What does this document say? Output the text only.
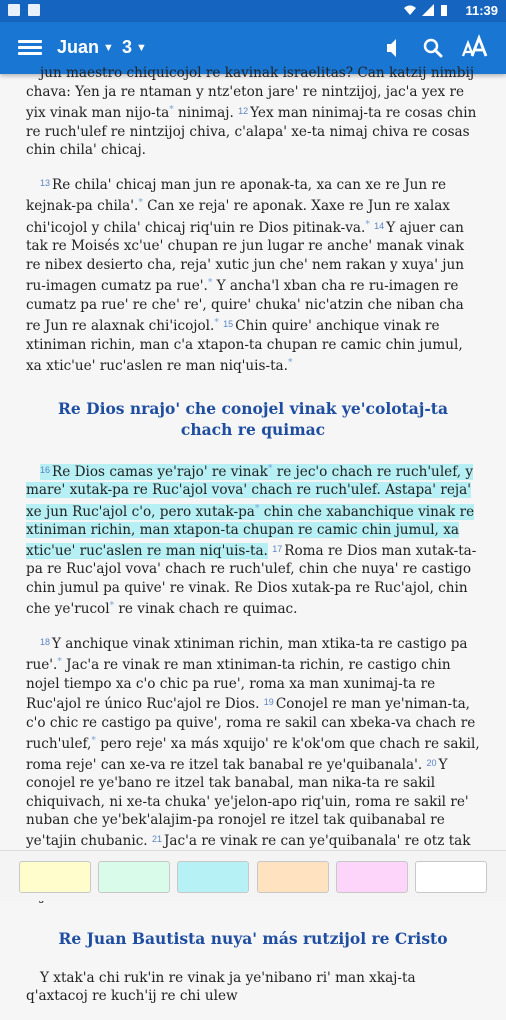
11:39
Juan ▼ 3 ▼

jun maestro chiquicojol re kavinak israelitas? Can katzij nimbij chava: Yen ja re ntaman y ntz'eton jare' re nintzijoj, jac'a yex re yix vinak man nijo-ta* ninimaj. $^{12}$ Yex man ninimaj-ta re cosas chin re ruch'ulef re nintzijoj chiva, c'alapa' xe-ta nimaj chiva re cosas chin chila' chicaj.

$^{13}$ Re chila' chicaj man jun re aponak-ta, xa can xe re Jun re kejnak-pa chila'.* Can xe reja' re aponak. Xaxe re Jun re xalax chi'icojol y chila' chicaj riq'uin re Dios pitinak-va.* $^{14}$ Y ajuer can tak re Moisés xc'ue' chupan re jun lugar re anche' manak vinak re nibex desierto cha, reja' xutic jun che' nem rakan y xuya' jun ru-imagen cumatz pa rue'.* Y ancha'l xban cha re ru-imagen re cumatz pa rue' re che' re', quire' chuka' nic'atzin che niban cha re Jun re alaxnak chi'icojol.* $^{15}$ Chin quire' anchique vinak re xtiniman richin, man c'a xtapon-ta chupan re camic chin jumul, xa xtic'ue' ruc'aslen re man niq'uis-ta.*

Re Dios nrajo' che conojel vinak ye'colotaj-ta chach re quimac

$^{16}$ Re Dios camas ye'rajo' re vinak* re jec'o chach re ruch'ulef, y mare' xutak-pa re Ruc'ajol vova' chach re ruch'ulef. Astapa' reja' xe jun Ruc'ajol c'o, pero xutak-pa* chin che xabanchique vinak re xtiniman richin, man xtapon-ta chupan re camic chin jumul, xa xtic'ue' ruc'aslen re man niq'uis-ta. $^{17}$ Roma re Dios man xutak-ta-pa re Ruc'ajol vova' chach re ruch'ulef, chin che nuya' re castigo chin jumul pa quive' re vinak. Re Dios xutak-pa re Ruc'ajol, chin che ye'rucol* re vinak chach re quimac.

$^{18}$ Y anchique vinak xtiniman richin, man xtika-ta re castigo pa rue'.* Jac'a re vinak re man xtiniman-ta richin, re castigo chin nojel tiempo xa c'o chic pa rue', roma xa man xunimaj-ta re Ruc'ajol re único Ruc'ajol re Dios. $^{19}$ Conojel re man ye'niman-ta, c'o chic re castigo pa quive', roma re sakil can xbeka-va chach re ruch'ulef,* pero reje' xa más xquijo' re k'ok'om que chach re sakil, roma reje' can xe-va re itzel tak banabal re ye'quibanala'. $^{20}$ Y conojel re ye'bano re itzel tak banabal, man nika-ta re sakil chiquivach, ni xe-ta chuka' ye'jelon-apo riq'uin, roma re sakil re' nuban che ye'bek'alajim-pa ronojel re itzel tak quibanabal re ye'tajin chubanic. $^{21}$ Jac'a re vinak re can ye'quibanala' re otz tak

Re Juan Bautista nuya' más rutzijol re Cristo

Y xtak'a chi ruk'in re vinak ja ye'nibano ri' man xkaj-ta q'axtacoj re kuch'ij re chi ulew
